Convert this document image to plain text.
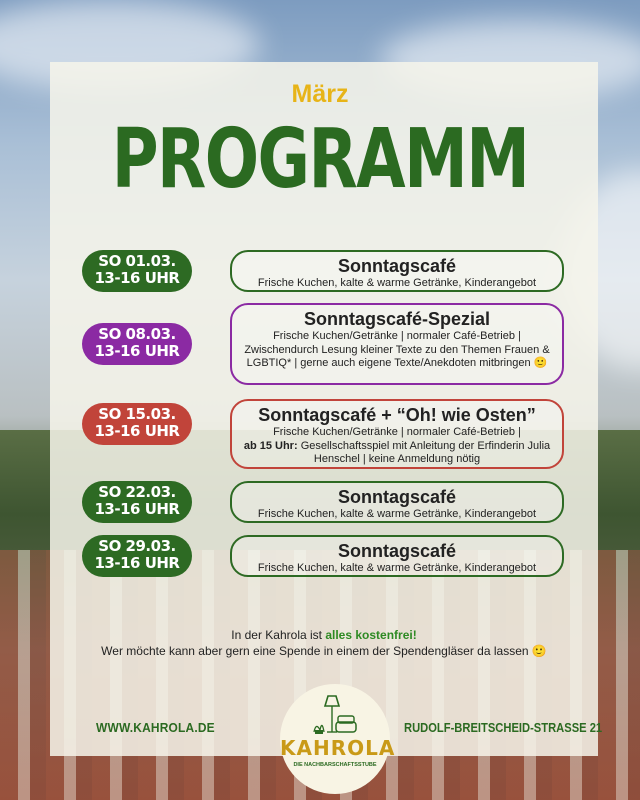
März
PROGRAMM
SO 01.03.
13-16 UHR
Sonntagscafé
Frische Kuchen, kalte & warme Getränke, Kinderangebot
SO 08.03.
13-16 UHR
Sonntagscafé-Spezial
Frische Kuchen/Getränke | normaler Café-Betrieb | Zwischendurch Lesung kleiner Texte zu den Themen Frauen & LGBTIQ* | gerne auch eigene Texte/Anekdoten mitbringen 🙂
SO 15.03.
13-16 UHR
Sonntagscafé + “Oh! wie Osten”
Frische Kuchen/Getränke | normaler Café-Betrieb |
ab 15 Uhr: Gesellschaftsspiel mit Anleitung der Erfinderin Julia Henschel | keine Anmeldung nötig
SO 22.03.
13-16 UHR
Sonntagscafé
Frische Kuchen, kalte & warme Getränke, Kinderangebot
SO 29.03.
13-16 UHR
Sonntagscafé
Frische Kuchen, kalte & warme Getränke, Kinderangebot
In der Kahrola ist alles kostenfrei!
Wer möchte kann aber gern eine Spende in einem der Spendengläser da lassen 🙂
WWW.KAHROLA.DE	RUDOLF-BREITSCHEID-STRASSE 21
KAHROLA
DIE NACHBARSCHAFTSSTUBE
